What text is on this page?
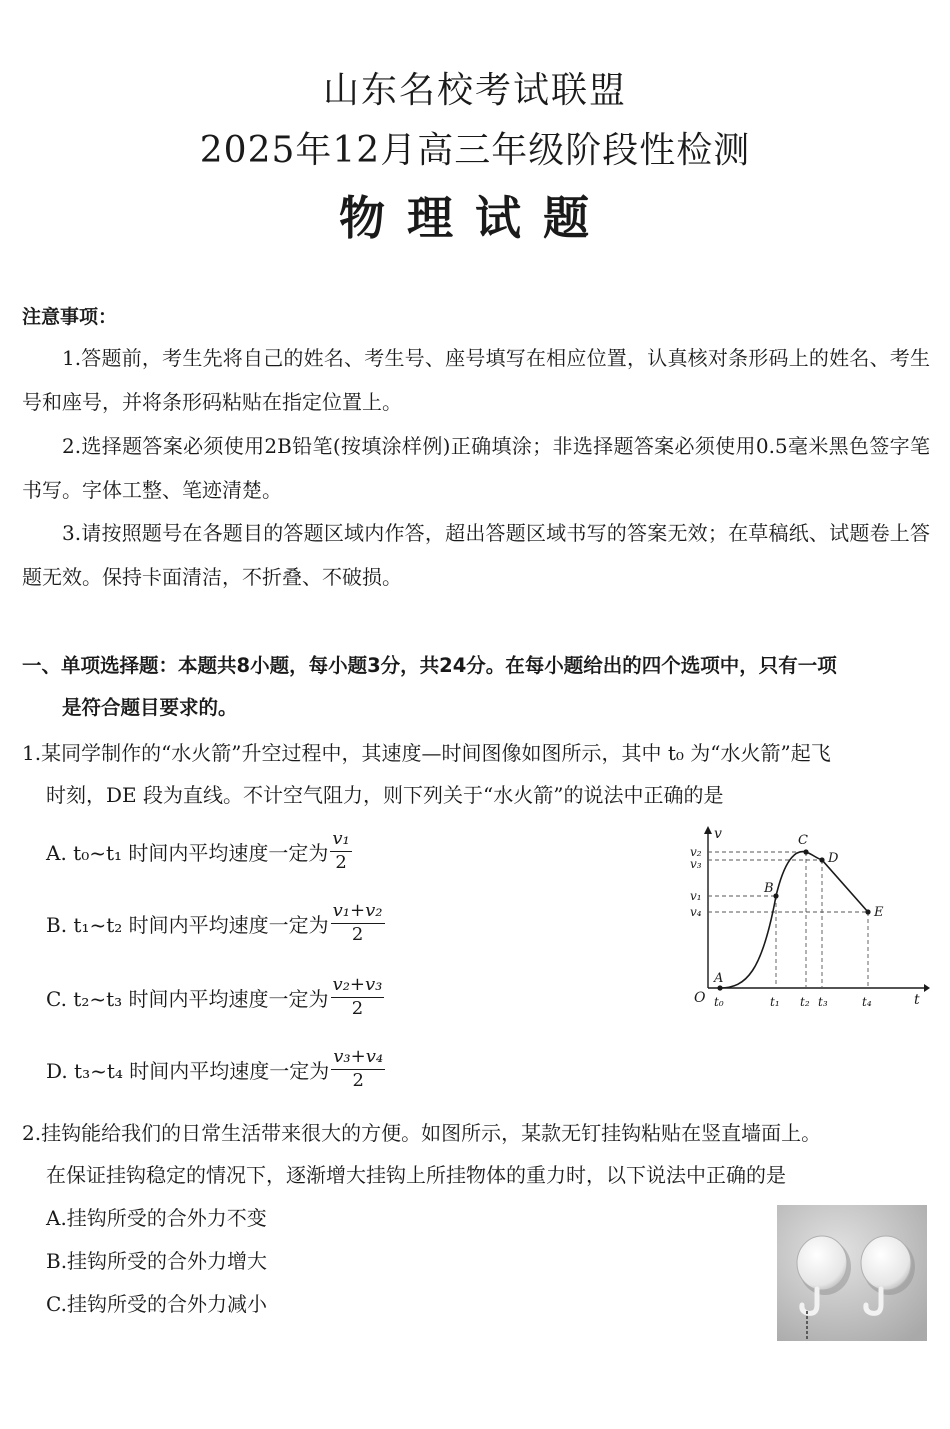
山东名校考试联盟
2025年12月高三年级阶段性检测
物理试题
注意事项：
1.答题前，考生先将自己的姓名、考生号、座号填写在相应位置，认真核对条形码上的姓名、考生号和座号，并将条形码粘贴在指定位置上。
2.选择题答案必须使用2B铅笔(按填涂样例)正确填涂；非选择题答案必须使用0.5毫米黑色签字笔书写。字体工整、笔迹清楚。
3.请按照题号在各题目的答题区域内作答，超出答题区域书写的答案无效；在草稿纸、试题卷上答题无效。保持卡面清洁，不折叠、不破损。
一、单项选择题：本题共8小题，每小题3分，共24分。在每小题给出的四个选项中，只有一项
是符合题目要求的。
1.某同学制作的“水火箭”升空过程中，其速度—时间图像如图所示，其中 t₀ 为“水火箭”起飞
时刻，DE 段为直线。不计空气阻力，则下列关于“水火箭”的说法中正确的是
A. t₀~t₁ 时间内平均速度一定为 $\frac{\text{v₁}}{2}$
B. t₁~t₂ 时间内平均速度一定为 $\frac{\text{v₁+v₂}}{2}$
C. t₂~t₃ 时间内平均速度一定为 $\frac{\text{v₂+v₃}}{2}$
D. t₃~t₄ 时间内平均速度一定为 $\frac{\text{v₃+v₄}}{2}$
v
t
O
v₂
v₃
v₁
v₄
t₀	t₁ t₂ t₃	t₄
A
B
C
D
E
2.挂钩能给我们的日常生活带来很大的方便。如图所示，某款无钉挂钩粘贴在竖直墙面上。
在保证挂钩稳定的情况下，逐渐增大挂钩上所挂物体的重力时，以下说法中正确的是
A.挂钩所受的合外力不变
B.挂钩所受的合外力增大
C.挂钩所受的合外力减小
